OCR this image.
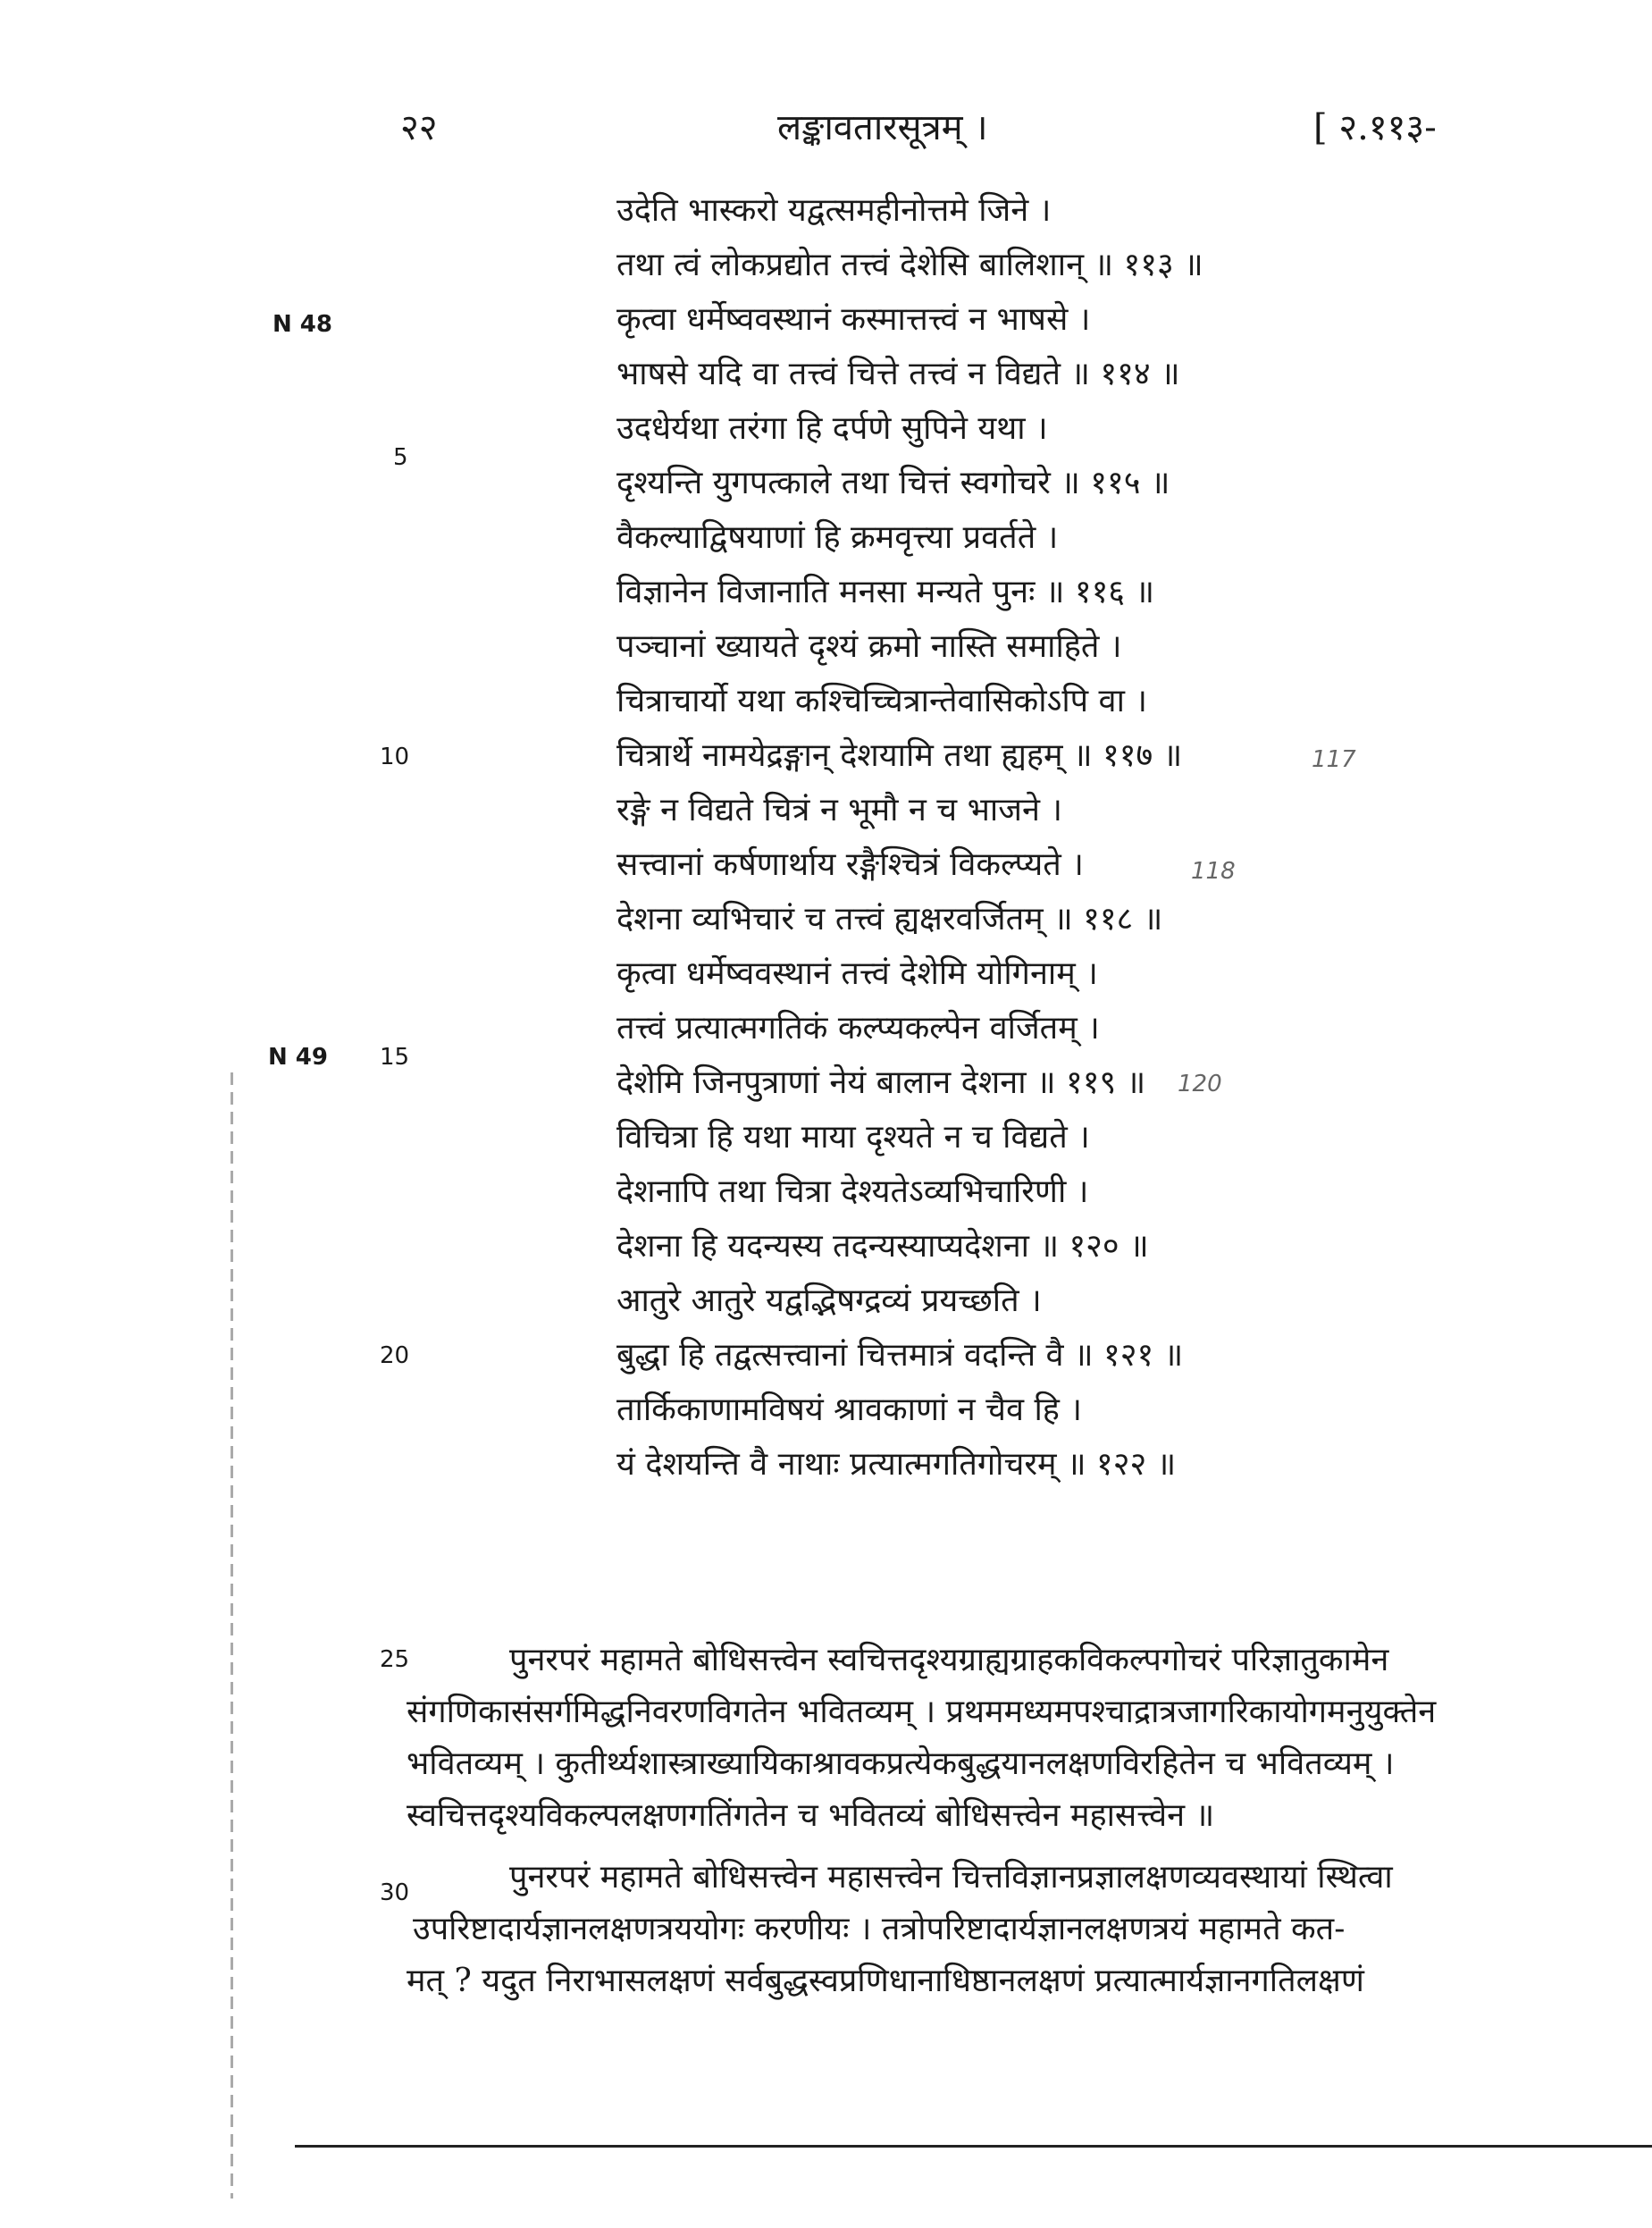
२२	लङ्कावतारसूत्रम् ।	[ २.११३-
N 48
N 49
5
10
15
20
25
30
उदेति भास्करो यद्वत्समहीनोत्तमे जिने ।
तथा त्वं लोकप्रद्योत तत्त्वं देशेसि बालिशान् ॥ ११३ ॥
कृत्वा धर्मेष्ववस्थानं कस्मात्तत्त्वं न भाषसे ।
भाषसे यदि वा तत्त्वं चित्ते तत्त्वं न विद्यते ॥ ११४ ॥
उदधेर्यथा तरंगा हि दर्पणे सुपिने यथा ।
दृश्यन्ति युगपत्काले तथा चित्तं स्वगोचरे ॥ ११५ ॥
वैकल्याद्विषयाणां हि क्रमवृत्त्या प्रवर्तते ।
विज्ञानेन विजानाति मनसा मन्यते पुनः ॥ ११६ ॥
पञ्चानां ख्यायते दृश्यं क्रमो नास्ति समाहिते ।
चित्राचार्यो यथा कश्चिच्चित्रान्तेवासिकोऽपि वा ।
चित्रार्थे नामयेद्रङ्गान् देशयामि तथा ह्यहम् ॥ ११७ ॥
रङ्गे न विद्यते चित्रं न भूमौ न च भाजने ।
सत्त्वानां कर्षणार्थाय रङ्गैश्चित्रं विकल्प्यते ।
देशना व्यभिचारं च तत्त्वं ह्यक्षरवर्जितम् ॥ ११८ ॥
कृत्वा धर्मेष्ववस्थानं तत्त्वं देशेमि योगिनाम् ।
तत्त्वं प्रत्यात्मगतिकं कल्प्यकल्पेन वर्जितम् ।
देशेमि जिनपुत्राणां नेयं बालान देशना ॥ ११९ ॥
विचित्रा हि यथा माया दृश्यते न च विद्यते ।
देशनापि तथा चित्रा देश्यतेऽव्यभिचारिणी ।
देशना हि यदन्यस्य तदन्यस्याप्यदेशना ॥ १२० ॥
आतुरे आतुरे यद्वद्भिषग्द्रव्यं प्रयच्छति ।
बुद्धा हि तद्वत्सत्त्वानां चित्तमात्रं वदन्ति वै ॥ १२१ ॥
तार्किकाणामविषयं श्रावकाणां न चैव हि ।
यं देशयन्ति वै नाथाः प्रत्यात्मगतिगोचरम् ॥ १२२ ॥
117
118
120
पुनरपरं महामते बोधिसत्त्वेन स्वचित्तदृश्यग्राह्यग्राहकविकल्पगोचरं परिज्ञातुकामेन
संगणिकासंसर्गमिद्धनिवरणविगतेन भवितव्यम् । प्रथममध्यमपश्चाद्रात्रजागरिकायोगमनुयुक्तेन
भवितव्यम् । कुतीर्थ्यशास्त्राख्यायिकाश्रावकप्रत्येकबुद्धयानलक्षणविरहितेन च भवितव्यम् ।
स्वचित्तदृश्यविकल्पलक्षणगतिंगतेन च भवितव्यं बोधिसत्त्वेन महासत्त्वेन ॥
पुनरपरं महामते बोधिसत्त्वेन महासत्त्वेन चित्तविज्ञानप्रज्ञालक्षणव्यवस्थायां स्थित्वा
उपरिष्टादार्यज्ञानलक्षणत्रययोगः करणीयः । तत्रोपरिष्टादार्यज्ञानलक्षणत्रयं महामते कत-
मत् ? यदुत निराभासलक्षणं सर्वबुद्धस्वप्रणिधानाधिष्ठानलक्षणं प्रत्यात्मार्यज्ञानगतिलक्षणं
